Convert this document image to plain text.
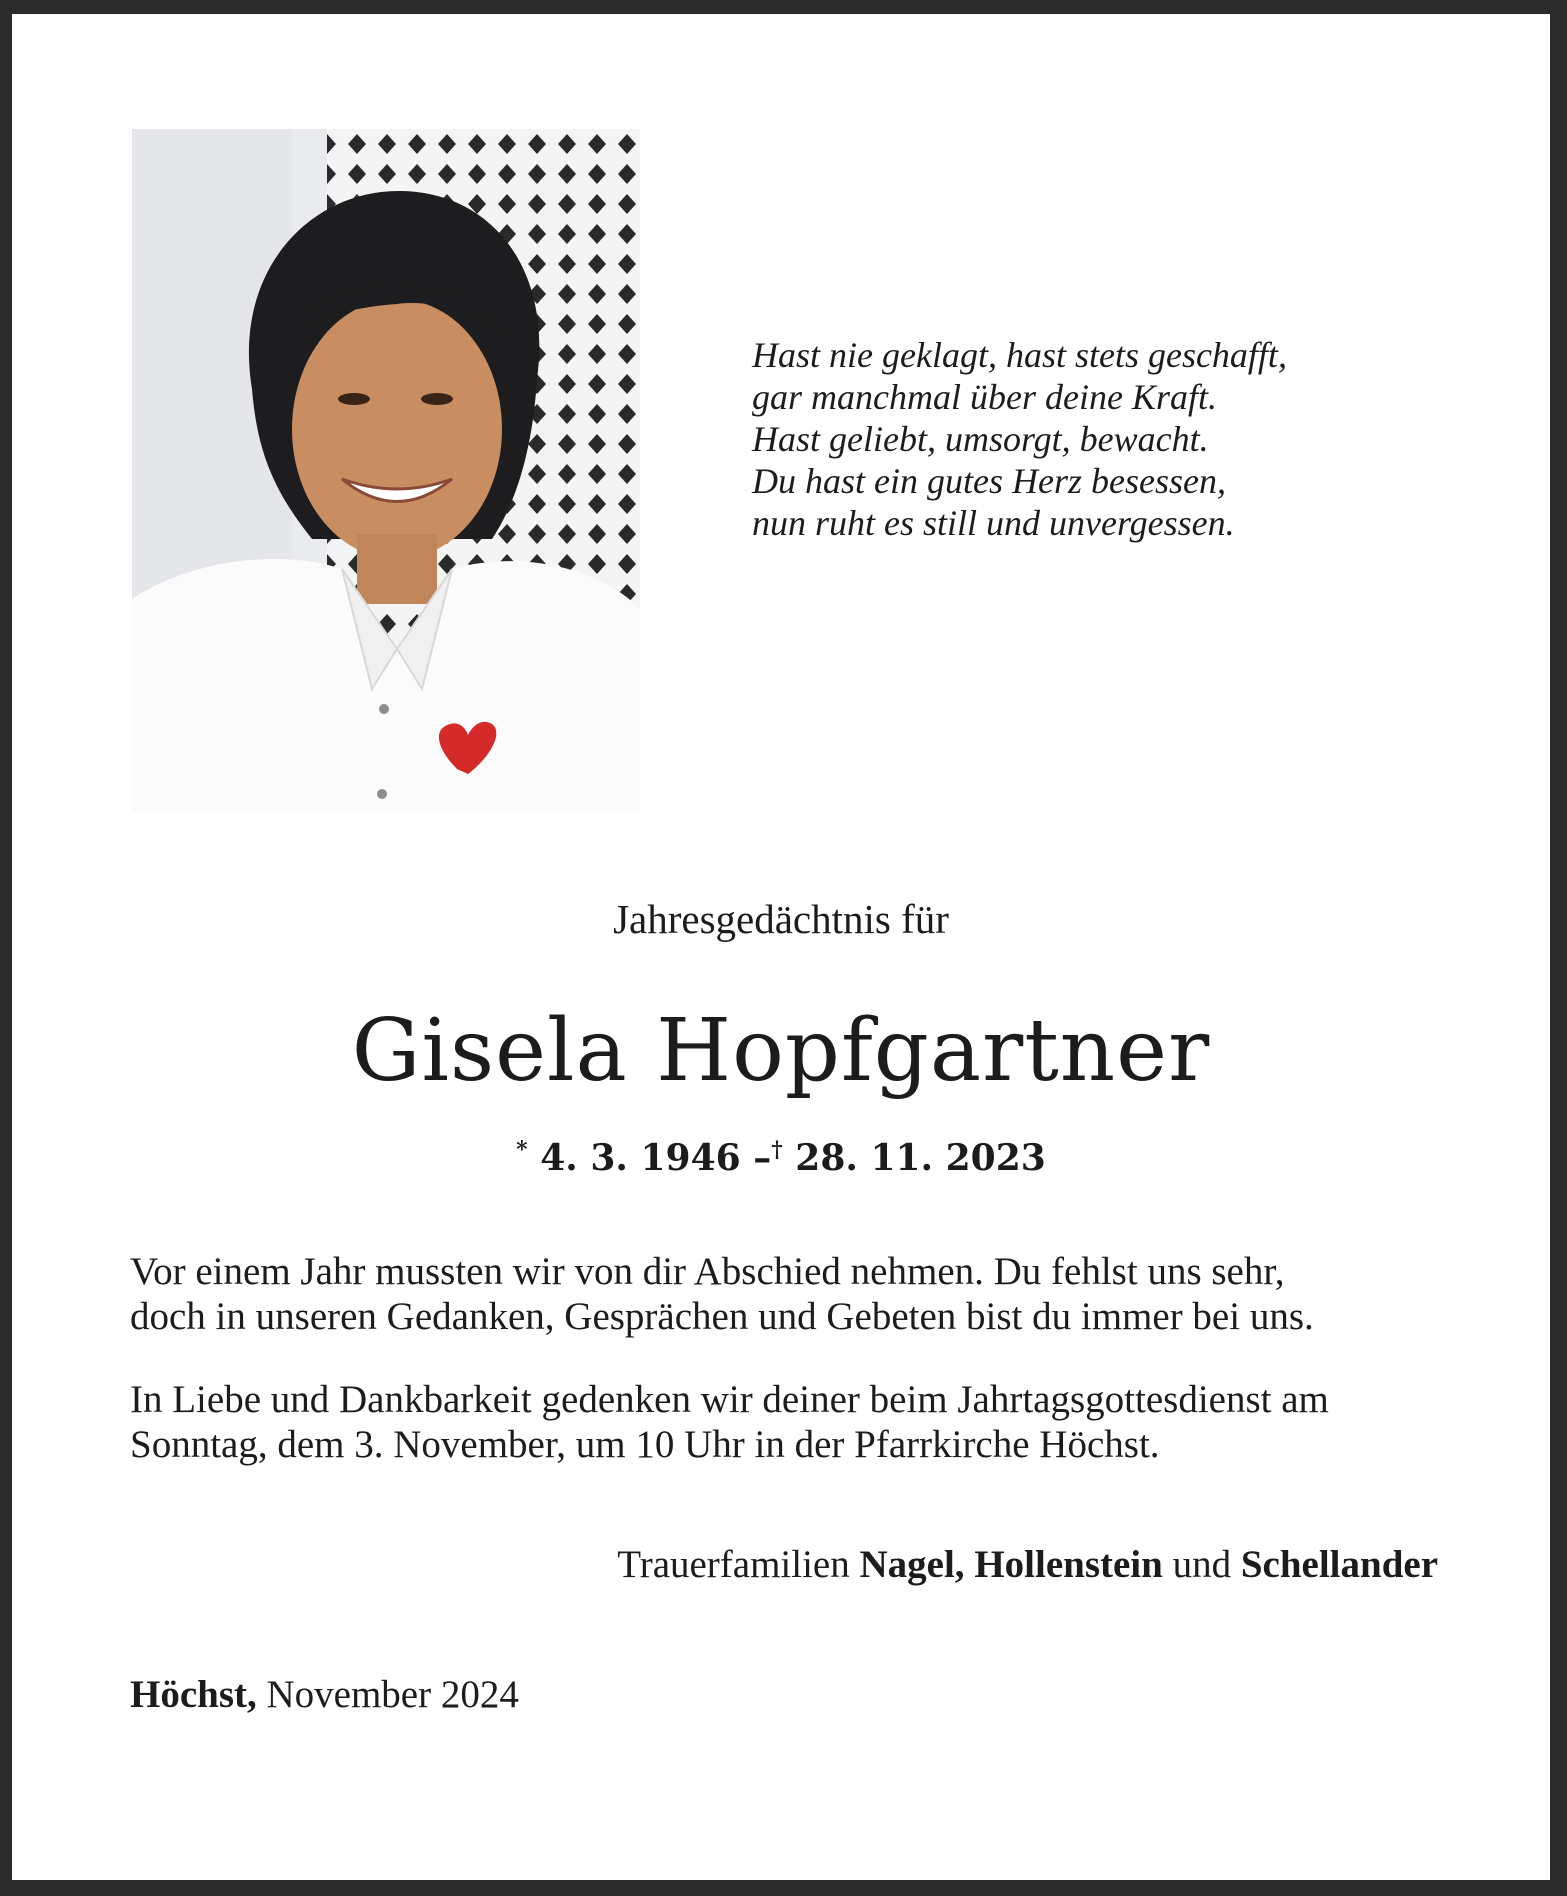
Hast nie geklagt, hast stets geschafft,
gar manchmal über deine Kraft.
Hast geliebt, umsorgt, bewacht.
Du hast ein gutes Herz besessen,
nun ruht es still und unvergessen.
Jahresgedächtnis für
Gisela Hopfgartner
* 4. 3. 1946 –† 28. 11. 2023
Vor einem Jahr mussten wir von dir Abschied nehmen. Du fehlst uns sehr,
doch in unseren Gedanken, Gesprächen und Gebeten bist du immer bei uns.
In Liebe und Dankbarkeit gedenken wir deiner beim Jahrtagsgottesdienst am
Sonntag, dem 3. November, um 10 Uhr in der Pfarrkirche Höchst.
Trauerfamilien Nagel, Hollenstein und Schellander
Höchst, November 2024
